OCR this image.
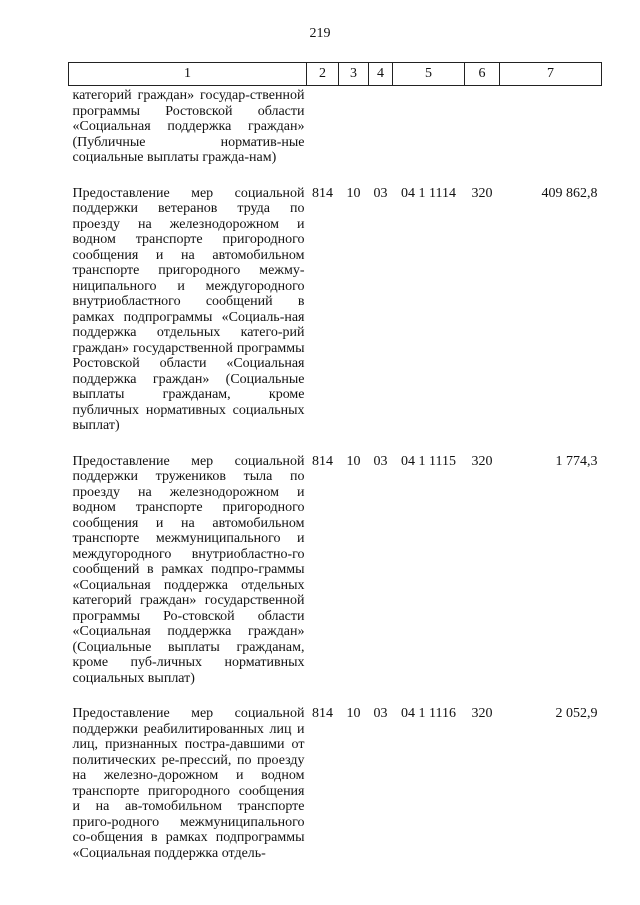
219
1	2	3	4	5	6	7
категорий граждан» государ-ственной программы Ростовской области «Социальная поддержка граждан» (Публичные норматив-ные социальные выплаты гражда-нам)						
Предоставление мер социальной поддержки ветеранов труда по проезду на железнодорожном и водном транспорте пригородного сообщения и на автомобильном транспорте пригородного межму-ниципального и междугородного внутриобластного сообщений в рамках подпрограммы «Социаль-ная поддержка отдельных катего-рий граждан» государственной программы Ростовской области «Социальная поддержка граждан» (Социальные выплаты гражданам, кроме публичных нормативных социальных выплат)	814	10	03	04 1 1114	320	409 862,8
Предоставление мер социальной поддержки тружеников тыла по проезду на железнодорожном и водном транспорте пригородного сообщения и на автомобильном транспорте межмуниципального и междугородного внутриобластно-го сообщений в рамках подпро-граммы «Социальная поддержка отдельных категорий граждан» государственной программы Ро-стовской области «Социальная поддержка граждан» (Социальные выплаты гражданам, кроме пуб-личных нормативных социальных выплат)	814	10	03	04 1 1115	320	1 774,3
Предоставление мер социальной поддержки реабилитированных лиц и лиц, признанных постра-давшими от политических ре-прессий, по проезду на железно-дорожном и водном транспорте пригородного сообщения и на ав-томобильном транспорте приго-родного межмуниципального со-общения в рамках подпрограммы «Социальная поддержка отдель-	814	10	03	04 1 1116	320	2 052,9
